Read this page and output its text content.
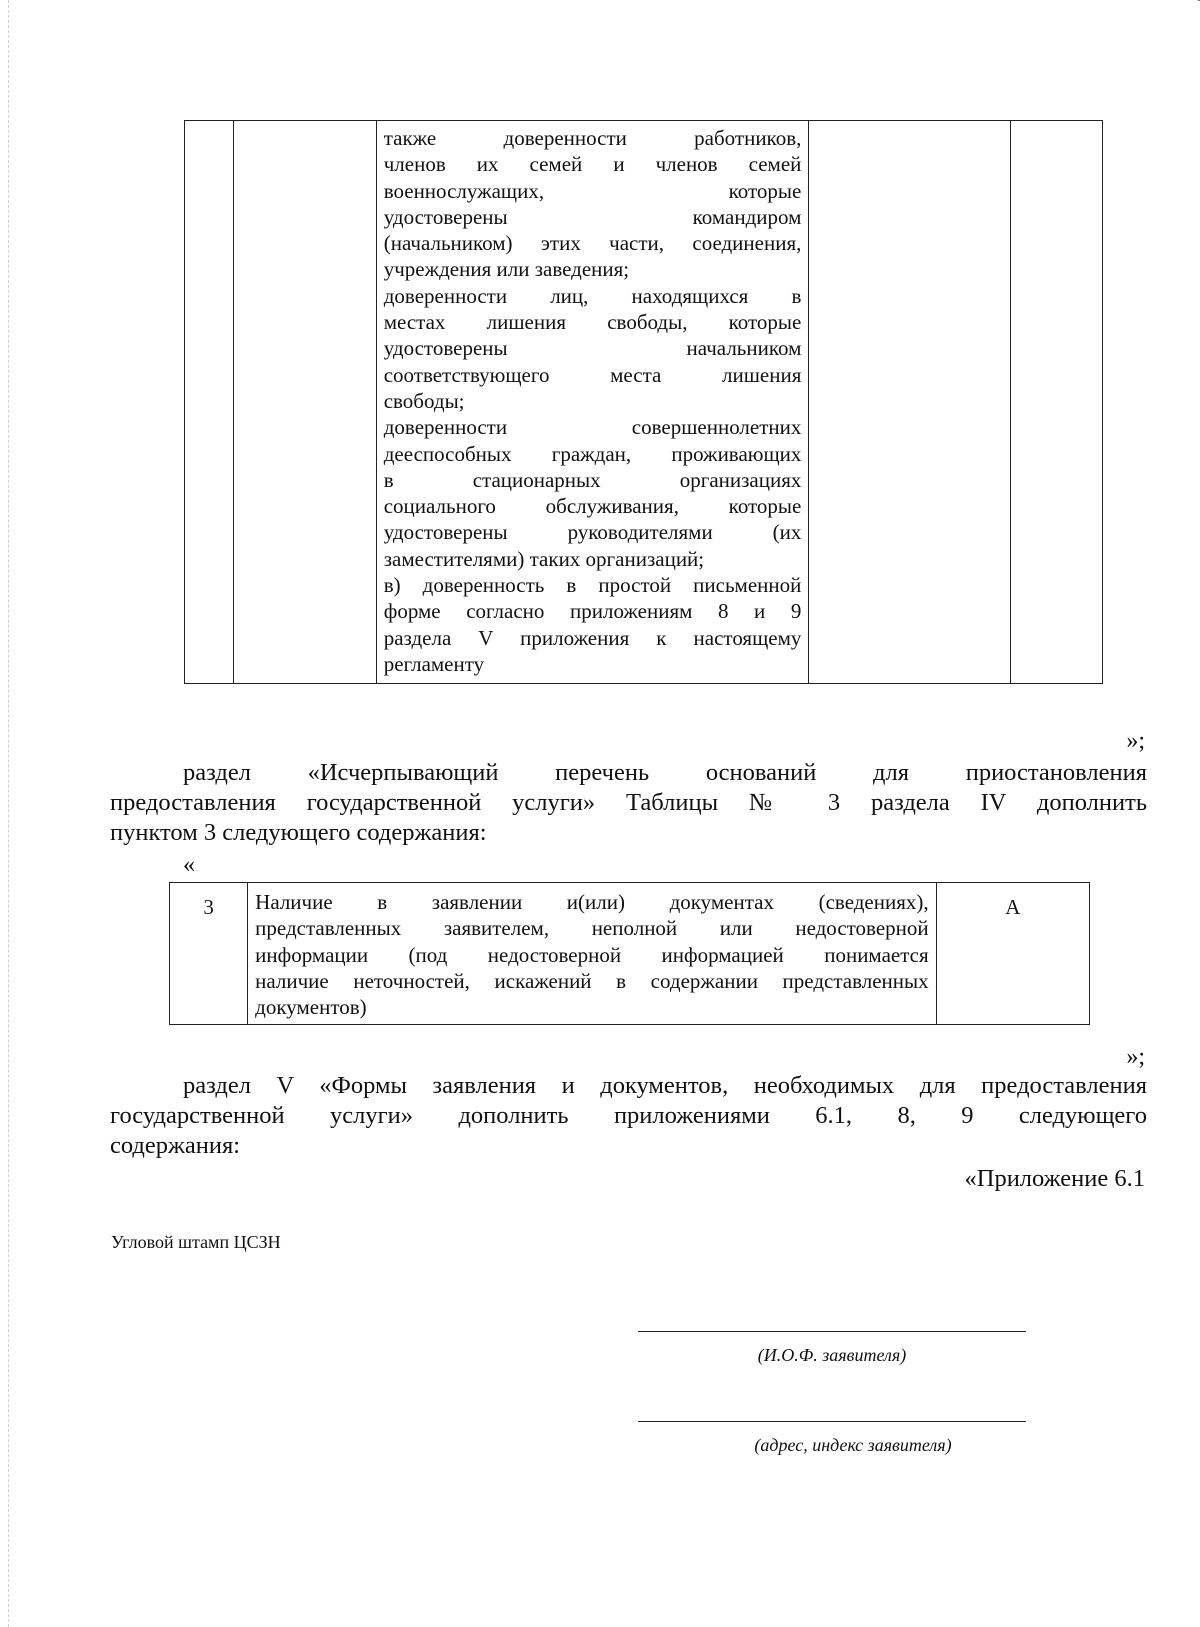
также доверенности работников,

членов их семей и членов семей

военнослужащих, которые

удостоверены командиром

(начальником) этих части, соединения,

учреждения или заведения;

доверенности лиц, находящихся в

местах лишения свободы, которые

удостоверены начальником

соответствующего места лишения

свободы;

доверенности совершеннолетних

дееспособных граждан, проживающих

в стационарных организациях

социального обслуживания, которые

удостоверены руководителями (их

заместителями) таких организаций;

в) доверенность в простой письменной

форме согласно приложениям 8 и 9

раздела V приложения к настоящему

регламенту

»;
раздел «Исчерпывающий перечень оснований для приостановления
предоставления государственной услуги» Таблицы № 3 раздела IV дополнить
пунктом 3 следующего содержания:
«
3	Наличие в заявлении и(или) документах (сведениях),

представленных заявителем, неполной или недостоверной

информации (под недостоверной информацией понимается

наличие неточностей, искажений в содержании представленных

документов)

	А
»;
раздел V «Формы заявления и документов, необходимых для предоставления
государственной услуги» дополнить приложениями 6.1, 8, 9 следующего
содержания:
«Приложение 6.1
Угловой штамп ЦСЗН
(И.О.Ф. заявителя)
(адрес, индекс заявителя)
